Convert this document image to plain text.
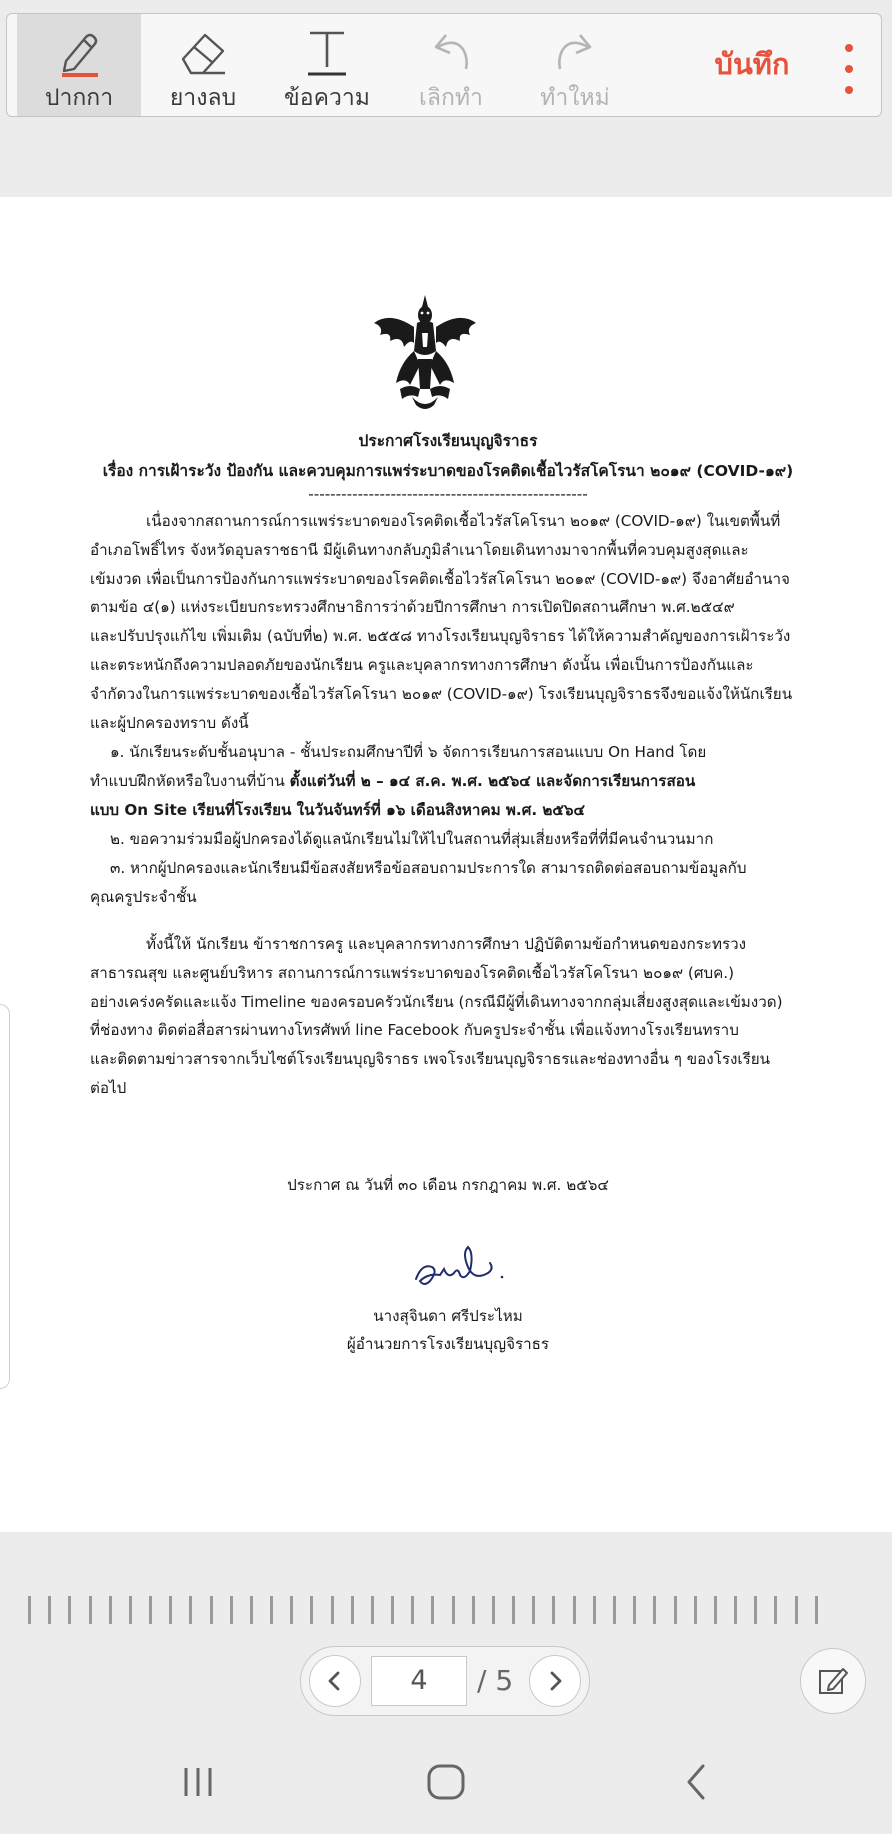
ปากกา ยางลบ ข้อความ เลิกทำ ทำใหม่
บันทึก
ประกาศโรงเรียนบุญจิราธร
เรื่อง การเฝ้าระวัง ป้องกัน และควบคุมการแพร่ระบาดของโรคติดเชื้อไวรัสโคโรนา ๒๐๑๙ (COVID-๑๙)
---------------------------------------------------
เนื่องจากสถานการณ์การแพร่ระบาดของโรคติดเชื้อไวรัสโคโรนา ๒๐๑๙ (COVID-๑๙) ในเขตพื้นที่
อำเภอโพธิ์ไทร จังหวัดอุบลราชธานี มีผู้เดินทางกลับภูมิลำเนาโดยเดินทางมาจากพื้นที่ควบคุมสูงสุดและ
เข้มงวด เพื่อเป็นการป้องกันการแพร่ระบาดของโรคติดเชื้อไวรัสโคโรนา ๒๐๑๙ (COVID-๑๙) จึงอาศัยอำนาจ
ตามข้อ ๔(๑) แห่งระเบียบกระทรวงศึกษาธิการว่าด้วยปีการศึกษา การเปิดปิดสถานศึกษา พ.ศ.๒๕๔๙
และปรับปรุงแก้ไข เพิ่มเติม (ฉบับที่๒) พ.ศ. ๒๕๕๘ ทางโรงเรียนบุญจิราธร ได้ให้ความสำคัญของการเฝ้าระวัง
และตระหนักถึงความปลอดภัยของนักเรียน ครูและบุคลากรทางการศึกษา ดังนั้น เพื่อเป็นการป้องกันและ
จำกัดวงในการแพร่ระบาดของเชื้อไวรัสโคโรนา ๒๐๑๙ (COVID-๑๙) โรงเรียนบุญจิราธรจึงขอแจ้งให้นักเรียน
และผู้ปกครองทราบ ดังนี้
๑. นักเรียนระดับชั้นอนุบาล - ชั้นประถมศึกษาปีที่ ๖ จัดการเรียนการสอนแบบ On Hand โดย
ทำแบบฝึกหัดหรือใบงานที่บ้าน ตั้งแต่วันที่ ๒ – ๑๔ ส.ค. พ.ศ. ๒๕๖๔ และจัดการเรียนการสอน
แบบ On Site เรียนที่โรงเรียน ในวันจันทร์ที่ ๑๖ เดือนสิงหาคม พ.ศ. ๒๕๖๔
๒. ขอความร่วมมือผู้ปกครองได้ดูแลนักเรียนไม่ให้ไปในสถานที่สุ่มเสี่ยงหรือที่ที่มีคนจำนวนมาก
๓. หากผู้ปกครองและนักเรียนมีข้อสงสัยหรือข้อสอบถามประการใด สามารถติดต่อสอบถามข้อมูลกับ
คุณครูประจำชั้น
ทั้งนี้ให้ นักเรียน ข้าราชการครู และบุคลากรทางการศึกษา ปฏิบัติตามข้อกำหนดของกระทรวง
สาธารณสุข และศูนย์บริหาร สถานการณ์การแพร่ระบาดของโรคติดเชื้อไวรัสโคโรนา ๒๐๑๙ (ศบค.)
อย่างเคร่งครัดและแจ้ง Timeline ของครอบครัวนักเรียน (กรณีมีผู้ที่เดินทางจากกลุ่มเสี่ยงสูงสุดและเข้มงวด)
ที่ช่องทาง ติดต่อสื่อสารผ่านทางโทรศัพท์ line Facebook กับครูประจำชั้น เพื่อแจ้งทางโรงเรียนทราบ
และติดตามข่าวสารจากเว็บไซต์โรงเรียนบุญจิราธร เพจโรงเรียนบุญจิราธรและช่องทางอื่น ๆ ของโรงเรียน
ต่อไป
ประกาศ ณ วันที่ ๓๐ เดือน กรกฎาคม พ.ศ. ๒๕๖๔
นางสุจินดา ศรีประไหม
ผู้อำนวยการโรงเรียนบุญจิราธร
4	/ 5
